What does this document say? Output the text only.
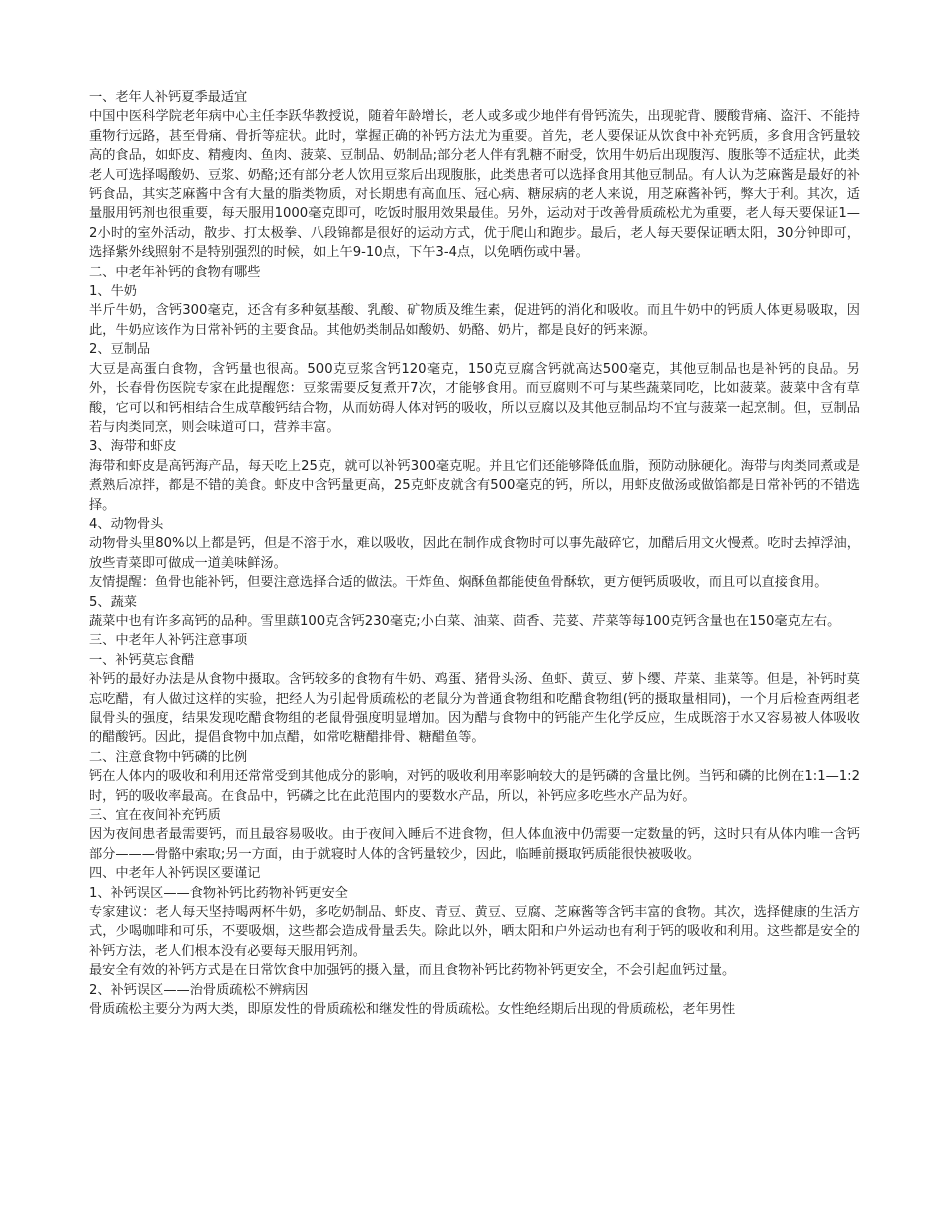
一、老年人补钙夏季最适宜

中国中医科学院老年病中心主任李跃华教授说，随着年龄增长，老人或多或少地伴有骨钙流失，出现驼背、腰酸背痛、盗汗、不能持重物行远路，甚至骨痛、骨折等症状。此时，掌握正确的补钙方法尤为重要。首先，老人要保证从饮食中补充钙质，多食用含钙量较高的食品，如虾皮、精瘦肉、鱼肉、菠菜、豆制品、奶制品;部分老人伴有乳糖不耐受，饮用牛奶后出现腹泻、腹胀等不适症状，此类老人可选择喝酸奶、豆浆、奶酪;还有部分老人饮用豆浆后出现腹胀，此类患者可以选择食用其他豆制品。有人认为芝麻酱是最好的补钙食品，其实芝麻酱中含有大量的脂类物质，对长期患有高血压、冠心病、糖尿病的老人来说，用芝麻酱补钙，弊大于利。其次，适量服用钙剂也很重要，每天服用1000毫克即可，吃饭时服用效果最佳。另外，运动对于改善骨质疏松尤为重要，老人每天要保证1—2小时的室外活动，散步、打太极拳、八段锦都是很好的运动方式，优于爬山和跑步。最后，老人每天要保证晒太阳，30分钟即可，选择紫外线照射不是特别强烈的时候，如上午9-10点，下午3-4点，以免晒伤或中暑。

二、中老年补钙的食物有哪些

1、牛奶

半斤牛奶，含钙300毫克，还含有多种氨基酸、乳酸、矿物质及维生素，促进钙的消化和吸收。而且牛奶中的钙质人体更易吸取，因此，牛奶应该作为日常补钙的主要食品。其他奶类制品如酸奶、奶酪、奶片，都是良好的钙来源。

2、豆制品

大豆是高蛋白食物，含钙量也很高。500克豆浆含钙120毫克，150克豆腐含钙就高达500毫克，其他豆制品也是补钙的良品。另外，长春骨伤医院专家在此提醒您：豆浆需要反复煮开7次，才能够食用。而豆腐则不可与某些蔬菜同吃，比如菠菜。菠菜中含有草酸，它可以和钙相结合生成草酸钙结合物，从而妨碍人体对钙的吸收，所以豆腐以及其他豆制品均不宜与菠菜一起烹制。但，豆制品若与肉类同烹，则会味道可口，营养丰富。

3、海带和虾皮

海带和虾皮是高钙海产品，每天吃上25克，就可以补钙300毫克呢。并且它们还能够降低血脂，预防动脉硬化。海带与肉类同煮或是煮熟后凉拌，都是不错的美食。虾皮中含钙量更高，25克虾皮就含有500毫克的钙，所以，用虾皮做汤或做馅都是日常补钙的不错选择。

4、动物骨头

动物骨头里80%以上都是钙，但是不溶于水，难以吸收，因此在制作成食物时可以事先敲碎它，加醋后用文火慢煮。吃时去掉浮油，放些青菜即可做成一道美味鲜汤。

友情提醒：鱼骨也能补钙，但要注意选择合适的做法。干炸鱼、焖酥鱼都能使鱼骨酥软，更方便钙质吸收，而且可以直接食用。

5、蔬菜

蔬菜中也有许多高钙的品种。雪里蕻100克含钙230毫克;小白菜、油菜、茴香、芫荽、芹菜等每100克钙含量也在150毫克左右。

三、中老年人补钙注意事项

一、补钙莫忘食醋

补钙的最好办法是从食物中摄取。含钙较多的食物有牛奶、鸡蛋、猪骨头汤、鱼虾、黄豆、萝卜缨、芹菜、韭菜等。但是，补钙时莫忘吃醋，有人做过这样的实验，把经人为引起骨质疏松的老鼠分为普通食物组和吃醋食物组(钙的摄取量相同)，一个月后检查两组老鼠骨头的强度，结果发现吃醋食物组的老鼠骨强度明显增加。因为醋与食物中的钙能产生化学反应，生成既溶于水又容易被人体吸收的醋酸钙。因此，提倡食物中加点醋，如常吃糖醋排骨、糖醋鱼等。

二、注意食物中钙磷的比例

钙在人体内的吸收和利用还常常受到其他成分的影响，对钙的吸收利用率影响较大的是钙磷的含量比例。当钙和磷的比例在1:1—1:2时，钙的吸收率最高。在食品中，钙磷之比在此范围内的要数水产品，所以，补钙应多吃些水产品为好。

三、宜在夜间补充钙质

因为夜间患者最需要钙，而且最容易吸收。由于夜间入睡后不进食物，但人体血液中仍需要一定数量的钙，这时只有从体内唯一含钙部分———骨骼中索取;另一方面，由于就寝时人体的含钙量较少，因此，临睡前摄取钙质能很快被吸收。

四、中老年人补钙误区要谨记

1、补钙误区——食物补钙比药物补钙更安全

专家建议：老人每天坚持喝两杯牛奶，多吃奶制品、虾皮、青豆、黄豆、豆腐、芝麻酱等含钙丰富的食物。其次，选择健康的生活方式，少喝咖啡和可乐，不要吸烟，这些都会造成骨量丢失。除此以外，晒太阳和户外运动也有利于钙的吸收和利用。这些都是安全的补钙方法，老人们根本没有必要每天服用钙剂。

最安全有效的补钙方式是在日常饮食中加强钙的摄入量，而且食物补钙比药物补钙更安全，不会引起血钙过量。

2、补钙误区——治骨质疏松不辨病因

骨质疏松主要分为两大类，即原发性的骨质疏松和继发性的骨质疏松。女性绝经期后出现的骨质疏松，老年男性
